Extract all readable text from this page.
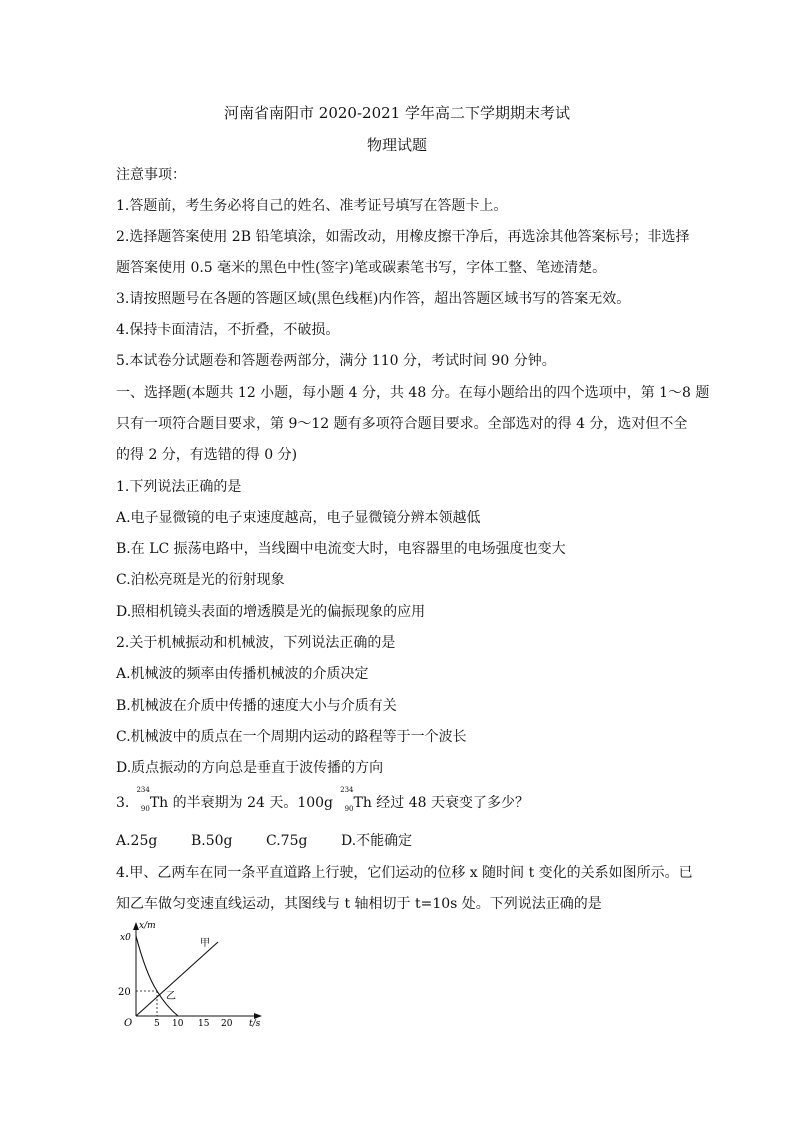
河南省南阳市 2020-2021 学年高二下学期期末考试
物理试题
注意事项：
1.答题前，考生务必将自己的姓名、准考证号填写在答题卡上。
2.选择题答案使用 2B 铅笔填涂，如需改动，用橡皮擦干净后，再选涂其他答案标号；非选择
题答案使用 0.5 毫米的黑色中性(签字)笔或碳素笔书写，字体工整、笔迹清楚。
3.请按照题号在各题的答题区域(黑色线框)内作答，超出答题区域书写的答案无效。
4.保持卡面清洁，不折叠，不破损。
5.本试卷分试题卷和答题卷两部分，满分 110 分，考试时间 90 分钟。
一、选择题(本题共 12 小题，每小题 4 分，共 48 分。在每小题给出的四个选项中，第 1～8 题
只有一项符合题目要求，第 9～12 题有多项符合题目要求。全部选对的得 4 分，选对但不全
的得 2 分，有选错的得 0 分)
1.下列说法正确的是
A.电子显微镜的电子束速度越高，电子显微镜分辨本领越低
B.在 LC 振荡电路中，当线圈中电流变大时，电容器里的电场强度也变大
C.泊松亮斑是光的衍射现象
D.照相机镜头表面的增透膜是光的偏振现象的应用
2.关于机械振动和机械波，下列说法正确的是
A.机械波的频率由传播机械波的介质决定
B.机械波在介质中传播的速度大小与介质有关
C.机械波中的质点在一个周期内运动的路程等于一个波长
D.质点振动的方向总是垂直于波传播的方向
3.
234
90 Th 的半衰期为 24 天。100g
234
90 Th 经过 48 天衰变了多少？
A.25g B.50g C.75g D.不能确定
4.甲、乙两车在同一条平直道路上行驶，它们运动的位移 x 随时间 t 变化的关系如图所示。已
知乙车做匀变速直线运动，其图线与 t 轴相切于 t=10s 处。下列说法正确的是
x/m
t/s
O
x0
20
5 10 15 20
甲
乙
